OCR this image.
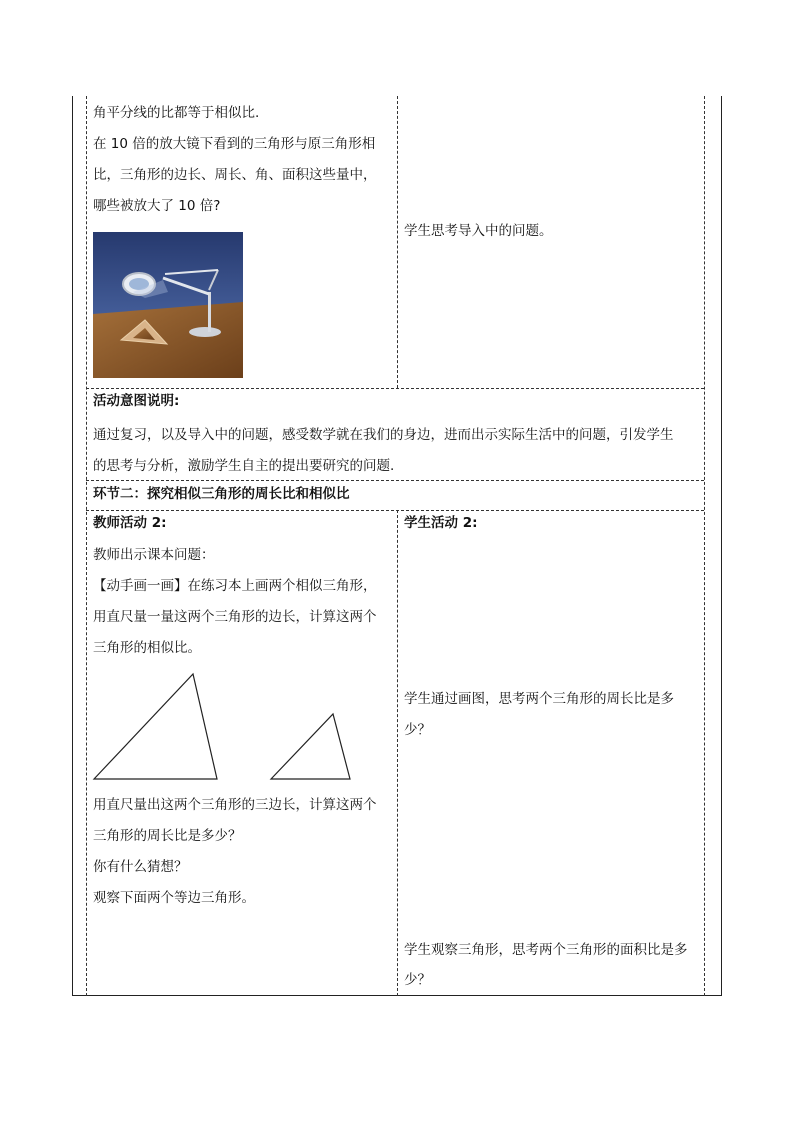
角平分线的比都等于相似比.
在 10 倍的放大镜下看到的三角形与原三角形相
比，三角形的边长、周长、角、面积这些量中，
哪些被放大了 10 倍?
学生思考导入中的问题。
活动意图说明:
通过复习，以及导入中的问题，感受数学就在我们的身边，进而出示实际生活中的问题，引发学生
的思考与分析，激励学生自主的提出要研究的问题.
环节二：探究相似三角形的周长比和相似比
教师活动 2:
教师出示课本问题：
【动手画一画】在练习本上画两个相似三角形，
用直尺量一量这两个三角形的边长，计算这两个
三角形的相似比。
用直尺量出这两个三角形的三边长，计算这两个
三角形的周长比是多少？
你有什么猜想？
观察下面两个等边三角形。
学生活动 2:
学生通过画图，思考两个三角形的周长比是多
少？
学生观察三角形，思考两个三角形的面积比是多
少？
